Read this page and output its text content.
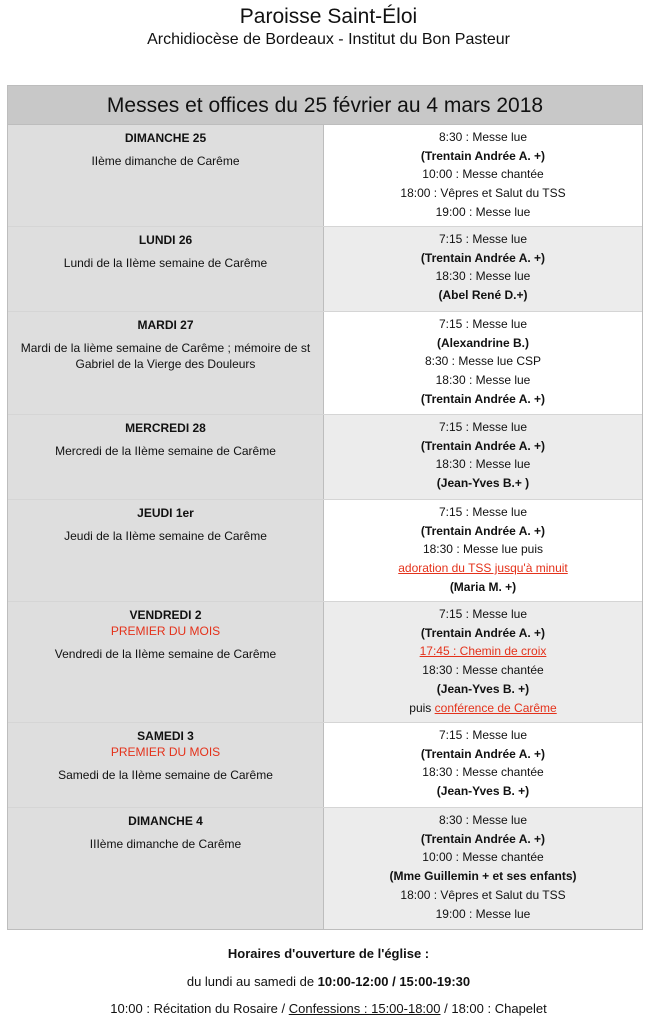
Paroisse Saint-Éloi
Archidiocèse de Bordeaux - Institut du Bon Pasteur
Messes et offices du 25 février au 4 mars 2018
DIMANCHE 25
IIème dimanche de Carême
8:30 : Messe lue
(Trentain Andrée A. +)
10:00 : Messe chantée
18:00 : Vêpres et Salut du TSS
19:00 : Messe lue
LUNDI 26
Lundi de la IIème semaine de Carême
7:15 : Messe lue
(Trentain Andrée A. +)
18:30 : Messe lue
(Abel René D.+)
MARDI 27
Mardi de la Iième semaine de Carême ; mémoire de st Gabriel de la Vierge des Douleurs
7:15 : Messe lue
(Alexandrine B.)
8:30 : Messe lue CSP
18:30 : Messe lue
(Trentain Andrée A. +)
MERCREDI 28
Mercredi de la IIème semaine de Carême
7:15 : Messe lue
(Trentain Andrée A. +)
18:30 : Messe lue
(Jean-Yves B.+ )
JEUDI 1er
Jeudi de la IIème semaine de Carême
7:15 : Messe lue
(Trentain Andrée A. +)
18:30 : Messe lue puis
adoration du TSS jusqu'à minuit
(Maria M. +)
VENDREDI 2
PREMIER DU MOIS
Vendredi de la IIème semaine de Carême
7:15 : Messe lue
(Trentain Andrée A. +)
17:45 : Chemin de croix
18:30 : Messe chantée
(Jean-Yves B. +)
puis conférence de Carême
SAMEDI 3
PREMIER DU MOIS
Samedi de la IIème semaine de Carême
7:15 : Messe lue
(Trentain Andrée A. +)
18:30 : Messe chantée
(Jean-Yves B. +)
DIMANCHE 4
IIIème dimanche de Carême
8:30 : Messe lue
(Trentain Andrée A. +)
10:00 : Messe chantée
(Mme Guillemin + et ses enfants)
18:00 : Vêpres et Salut du TSS
19:00 : Messe lue
Horaires d'ouverture de l'église :
du lundi au samedi de 10:00-12:00 / 15:00-19:30
10:00 : Récitation du Rosaire / Confessions : 15:00-18:00 / 18:00 : Chapelet
